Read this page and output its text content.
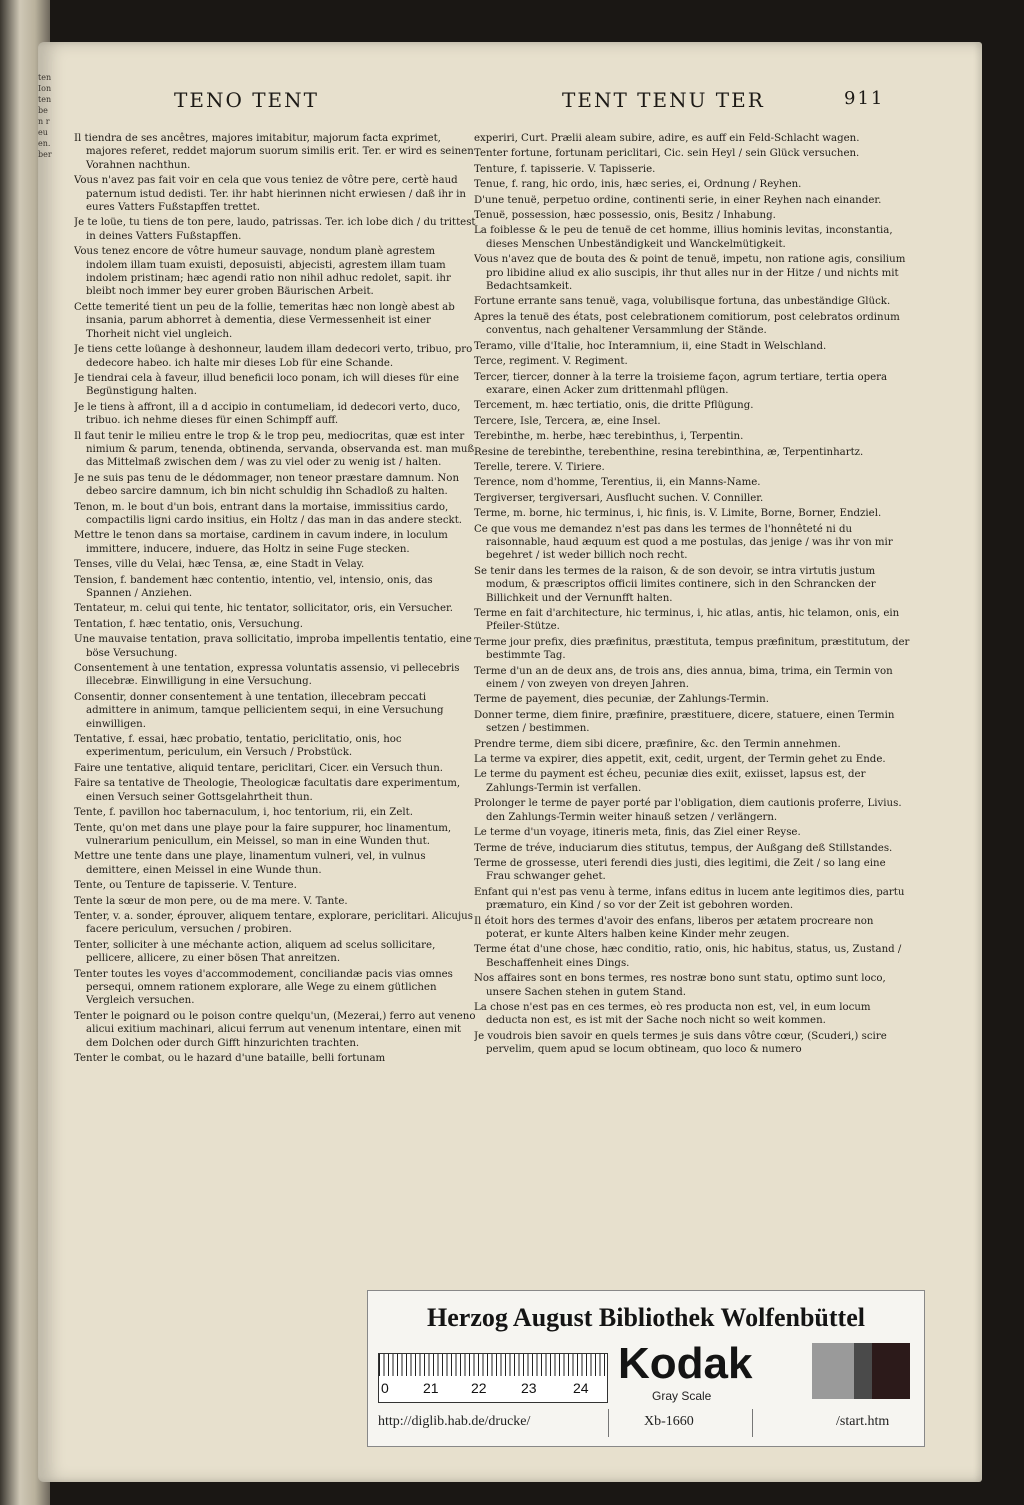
ten Ion ten ben reu en. ber
TENO TENT	TENT TENU TER	911

Il tiendra de ses ancêtres, majores imitabitur, majorum facta exprimet, majores referet, reddet majorum suorum similis erit. Ter. er wird es seinen Vorahnen nachthun.

Vous n'avez pas fait voir en cela que vous teniez de vôtre pere, certè haud paternum istud dedisti. Ter. ihr habt hierinnen nicht erwiesen / daß ihr in eures Vatters Fußstapffen trettet.

Je te loüe, tu tiens de ton pere, laudo, patrissas. Ter. ich lobe dich / du trittest in deines Vatters Fußstapffen.

Vous tenez encore de vôtre humeur sauvage, nondum planè agrestem indolem illam tuam exuisti, deposuisti, abjecisti, agrestem illam tuam indolem pristinam; hæc agendi ratio non nihil adhuc redolet, sapit. ihr bleibt noch immer bey eurer groben Bäurischen Arbeit.

Cette temerité tient un peu de la follie, temeritas hæc non longè abest ab insania, parum abhorret à dementia, diese Vermessenheit ist einer Thorheit nicht viel ungleich.

Je tiens cette loüange à deshonneur, laudem illam dedecori verto, tribuo, pro dedecore habeo. ich halte mir dieses Lob für eine Schande.

Je tiendrai cela à faveur, illud beneficii loco ponam, ich will dieses für eine Begünstigung halten.

Je le tiens à affront, ill a d accipio in contumeliam, id dedecori verto, duco, tribuo. ich nehme dieses für einen Schimpff auff.

Il faut tenir le milieu entre le trop & le trop peu, mediocritas, quæ est inter nimium & parum, tenenda, obtinenda, servanda, observanda est. man muß das Mittelmaß zwischen dem / was zu viel oder zu wenig ist / halten.

Je ne suis pas tenu de le dédommager, non teneor præstare damnum. Non debeo sarcire damnum, ich bin nicht schuldig ihn Schadloß zu halten.

Tenon, m. le bout d'un bois, entrant dans la mortaise, immissitius cardo, compactilis ligni cardo insitius, ein Holtz / das man in das andere steckt.

Mettre le tenon dans sa mortaise, cardinem in cavum indere, in loculum immittere, inducere, induere, das Holtz in seine Fuge stecken.

Tenses, ville du Velai, hæc Tensa, æ, eine Stadt in Velay.

Tension, f. bandement hæc contentio, intentio, vel, intensio, onis, das Spannen / Anziehen.

Tentateur, m. celui qui tente, hic tentator, sollicitator, oris, ein Versucher.

Tentation, f. hæc tentatio, onis, Versuchung.

Une mauvaise tentation, prava sollicitatio, improba impellentis tentatio, eine böse Versuchung.

Consentement à une tentation, expressa voluntatis assensio, vi pellecebris illecebræ. Einwilligung in eine Versuchung.

Consentir, donner consentement à une tentation, illecebram peccati admittere in animum, tamque pellicientem sequi, in eine Versuchung einwilligen.

Tentative, f. essai, hæc probatio, tentatio, periclitatio, onis, hoc experimentum, periculum, ein Versuch / Probstück.

Faire une tentative, aliquid tentare, periclitari, Cicer. ein Versuch thun.

Faire sa tentative de Theologie, Theologicæ facultatis dare experimentum, einen Versuch seiner Gottsgelahrtheit thun.

Tente, f. pavillon hoc tabernaculum, i, hoc tentorium, rii, ein Zelt.

Tente, qu'on met dans une playe pour la faire suppurer, hoc linamentum, vulnerarium penicullum, ein Meissel, so man in eine Wunden thut.

Mettre une tente dans une playe, linamentum vulneri, vel, in vulnus demittere, einen Meissel in eine Wunde thun.

Tente, ou Tenture de tapisserie. V. Tenture.

Tente la sœur de mon pere, ou de ma mere. V. Tante.

Tenter, v. a. sonder, éprouver, aliquem tentare, explorare, periclitari. Alicujus facere periculum, versuchen / probiren.

Tenter, solliciter à une méchante action, aliquem ad scelus sollicitare, pellicere, allicere, zu einer bösen That anreitzen.

Tenter toutes les voyes d'accommodement, conciliandæ pacis vias omnes persequi, omnem rationem explorare, alle Wege zu einem gütlichen Vergleich versuchen.

Tenter le poignard ou le poison contre quelqu'un, (Mezerai,) ferro aut veneno alicui exitium machinari, alicui ferrum aut venenum intentare, einen mit dem Dolchen oder durch Gifft hinzurichten trachten.

Tenter le combat, ou le hazard d'une bataille, belli fortunam

experiri, Curt. Prælii aleam subire, adire, es auff ein Feld-Schlacht wagen.

Tenter fortune, fortunam periclitari, Cic. sein Heyl / sein Glück versuchen.

Tenture, f. tapisserie. V. Tapisserie.

Tenue, f. rang, hic ordo, inis, hæc series, ei, Ordnung / Reyhen.

D'une tenuë, perpetuo ordine, continenti serie, in einer Reyhen nach einander.

Tenuë, possession, hæc possessio, onis, Besitz / Inhabung.

La foiblesse & le peu de tenuë de cet homme, illius hominis levitas, inconstantia, dieses Menschen Unbeständigkeit und Wanckelmütigkeit.

Vous n'avez que de bouta des & point de tenuë, impetu, non ratione agis, consilium pro libidine aliud ex alio suscipis, ihr thut alles nur in der Hitze / und nichts mit Bedachtsamkeit.

Fortune errante sans tenuë, vaga, volubilisque fortuna, das unbeständige Glück.

Apres la tenuë des états, post celebrationem comitiorum, post celebratos ordinum conventus, nach gehaltener Versammlung der Stände.

Teramo, ville d'Italie, hoc Interamnium, ii, eine Stadt in Welschland.

Terce, regiment. V. Regiment.

Tercer, tiercer, donner à la terre la troisieme façon, agrum tertiare, tertia opera exarare, einen Acker zum drittenmahl pflügen.

Tercement, m. hæc tertiatio, onis, die dritte Pflügung.

Tercere, Isle, Tercera, æ, eine Insel.

Terebinthe, m. herbe, hæc terebinthus, i, Terpentin.

Resine de terebinthe, terebenthine, resina terebinthina, æ, Terpentinhartz.

Terelle, terere. V. Tiriere.

Terence, nom d'homme, Terentius, ii, ein Manns-Name.

Tergiverser, tergiversari, Ausflucht suchen. V. Conniller.

Terme, m. borne, hic terminus, i, hic finis, is. V. Limite, Borne, Borner, Endziel.

Ce que vous me demandez n'est pas dans les termes de l'honnêteté ni du raisonnable, haud æquum est quod a me postulas, das jenige / was ihr von mir begehret / ist weder billich noch recht.

Se tenir dans les termes de la raison, & de son devoir, se intra virtutis justum modum, & præscriptos officii limites continere, sich in den Schrancken der Billichkeit und der Vernunfft halten.

Terme en fait d'architecture, hic terminus, i, hic atlas, antis, hic telamon, onis, ein Pfeiler-Stütze.

Terme jour prefix, dies præfinitus, præstituta, tempus præfinitum, præstitutum, der bestimmte Tag.

Terme d'un an de deux ans, de trois ans, dies annua, bima, trima, ein Termin von einem / von zweyen von dreyen Jahren.

Terme de payement, dies pecuniæ, der Zahlungs-Termin.

Donner terme, diem finire, præfinire, præstituere, dicere, statuere, einen Termin setzen / bestimmen.

Prendre terme, diem sibi dicere, præfinire, &c. den Termin annehmen.

La terme va expirer, dies appetit, exit, cedit, urgent, der Termin gehet zu Ende.

Le terme du payment est écheu, pecuniæ dies exiit, exiisset, lapsus est, der Zahlungs-Termin ist verfallen.

Prolonger le terme de payer porté par l'obligation, diem cautionis proferre, Livius. den Zahlungs-Termin weiter hinauß setzen / verlängern.

Le terme d'un voyage, itineris meta, finis, das Ziel einer Reyse.

Terme de tréve, induciarum dies stitutus, tempus, der Außgang deß Stillstandes.

Terme de grossesse, uteri ferendi dies justi, dies legitimi, die Zeit / so lang eine Frau schwanger gehet.

Enfant qui n'est pas venu à terme, infans editus in lucem ante legitimos dies, partu præmaturo, ein Kind / so vor der Zeit ist gebohren worden.

Il étoit hors des termes d'avoir des enfans, liberos per ætatem procreare non poterat, er kunte Alters halben keine Kinder mehr zeugen.

Terme état d'une chose, hæc conditio, ratio, onis, hic habitus, status, us, Zustand / Beschaffenheit eines Dings.

Nos affaires sont en bons termes, res nostræ bono sunt statu, optimo sunt loco, unsere Sachen stehen in gutem Stand.

La chose n'est pas en ces termes, eò res producta non est, vel, in eum locum deducta non est, es ist mit der Sache noch nicht so weit kommen.

Je voudrois bien savoir en quels termes je suis dans vôtre cœur, (Scuderi,) scire pervelim, quem apud se locum obtineam, quo loco & numero

Herzog August Bibliothek Wolfenbüttel
0 21 22 23	24 Kodak
Gray Scale
http://diglib.hab.de/drucke/	Xb-1660	/start.htm
